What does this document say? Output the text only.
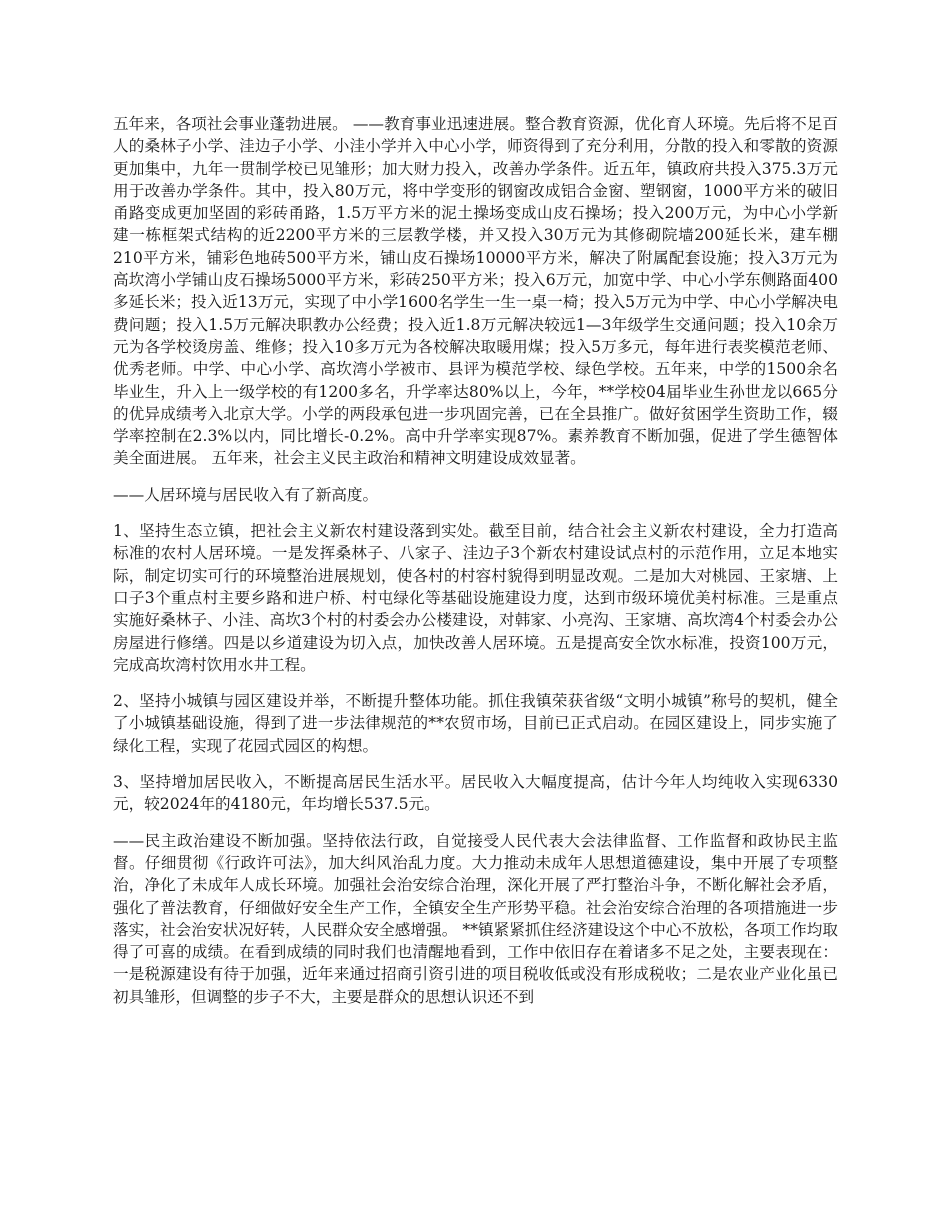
五年来，各项社会事业蓬勃进展。 ——教育事业迅速进展。整合教育资源，优化育人环境。先后将不足百人的桑林子小学、洼边子小学、小洼小学并入中心小学，师资得到了充分利用，分散的投入和零散的资源更加集中，九年一贯制学校已见雏形；加大财力投入，改善办学条件。近五年，镇政府共投入375.3万元用于改善办学条件。其中，投入80万元，将中学变形的钢窗改成铝合金窗、塑钢窗，1000平方米的破旧甬路变成更加坚固的彩砖甬路，1.5万平方米的泥土操场变成山皮石操场；投入200万元，为中心小学新建一栋框架式结构的近2200平方米的三层教学楼，并又投入30万元为其修砌院墙200延长米，建车棚210平方米，铺彩色地砖500平方米，铺山皮石操场10000平方米，解决了附属配套设施；投入3万元为高坎湾小学铺山皮石操场5000平方米，彩砖250平方米；投入6万元，加宽中学、中心小学东侧路面400多延长米；投入近13万元，实现了中小学1600名学生一生一桌一椅；投入5万元为中学、中心小学解决电费问题；投入1.5万元解决职教办公经费；投入近1.8万元解决较远1—3年级学生交通问题；投入10余万元为各学校烫房盖、维修；投入10多万元为各校解决取暖用煤；投入5万多元，每年进行表奖模范老师、优秀老师。中学、中心小学、高坎湾小学被市、县评为模范学校、绿色学校。五年来，中学的1500余名毕业生，升入上一级学校的有1200多名，升学率达80%以上，今年，**学校04届毕业生孙世龙以665分的优异成绩考入北京大学。小学的两段承包进一步巩固完善，已在全县推广。做好贫困学生资助工作，辍学率控制在2.3%以内，同比增长-0.2%。高中升学率实现87%。素养教育不断加强，促进了学生德智体美全面进展。 五年来，社会主义民主政治和精神文明建设成效显著。

——人居环境与居民收入有了新高度。

1、坚持生态立镇，把社会主义新农村建设落到实处。截至目前，结合社会主义新农村建设，全力打造高标准的农村人居环境。一是发挥桑林子、八家子、洼边子3个新农村建设试点村的示范作用，立足本地实际，制定切实可行的环境整治进展规划，使各村的村容村貌得到明显改观。二是加大对桃园、王家塘、上口子3个重点村主要乡路和进户桥、村屯绿化等基础设施建设力度，达到市级环境优美村标准。三是重点实施好桑林子、小洼、高坎3个村的村委会办公楼建设，对韩家、小亮沟、王家塘、高坎湾4个村委会办公房屋进行修缮。四是以乡道建设为切入点，加快改善人居环境。五是提高安全饮水标准，投资100万元，完成高坎湾村饮用水井工程。

2、坚持小城镇与园区建设并举，不断提升整体功能。抓住我镇荣获省级“文明小城镇”称号的契机，健全了小城镇基础设施，得到了进一步法律规范的**农贸市场，目前已正式启动。在园区建设上，同步实施了绿化工程，实现了花园式园区的构想。

3、坚持增加居民收入，不断提高居民生活水平。居民收入大幅度提高，估计今年人均纯收入实现6330元，较2024年的4180元，年均增长537.5元。

——民主政治建设不断加强。坚持依法行政，自觉接受人民代表大会法律监督、工作监督和政协民主监督。仔细贯彻《行政许可法》，加大纠风治乱力度。大力推动未成年人思想道德建设，集中开展了专项整治，净化了未成年人成长环境。加强社会治安综合治理，深化开展了严打整治斗争，不断化解社会矛盾，强化了普法教育，仔细做好安全生产工作，全镇安全生产形势平稳。社会治安综合治理的各项措施进一步落实，社会治安状况好转，人民群众安全感增强。 **镇紧紧抓住经济建设这个中心不放松，各项工作均取得了可喜的成绩。在看到成绩的同时我们也清醒地看到，工作中依旧存在着诸多不足之处，主要表现在：一是税源建设有待于加强，近年来通过招商引资引进的项目税收低或没有形成税收；二是农业产业化虽已初具雏形，但调整的步子不大，主要是群众的思想认识还不到
